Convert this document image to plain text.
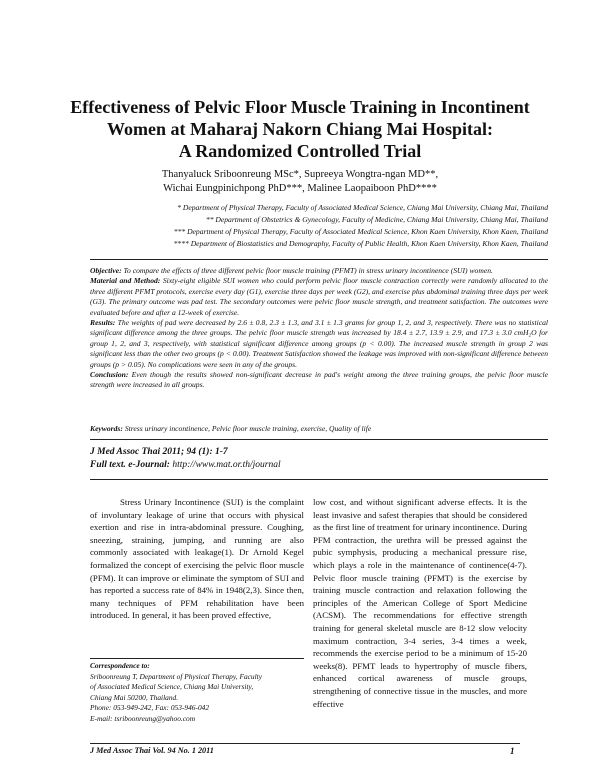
Effectiveness of Pelvic Floor Muscle Training in Incontinent
Women at Maharaj Nakorn Chiang Mai Hospital:
A Randomized Controlled Trial
Thanyaluck Sriboonreung MSc*, Supreeya Wongtra-ngan MD**,
Wichai Eungpinichpong PhD***, Malinee Laopaiboon PhD****
* Department of Physical Therapy, Faculty of Associated Medical Science, Chiang Mai University, Chiang Mai, Thailand
** Department of Obstetrics & Gynecology, Faculty of Medicine, Chiang Mai University, Chiang Mai, Thailand
*** Department of Physical Therapy, Faculty of Associated Medical Science, Khon Kaen University, Khon Kaen, Thailand
**** Department of Biostatistics and Demography, Faculty of Public Health, Khon Kaen University, Khon Kaen, Thailand

Objective: To compare the effects of three different pelvic floor muscle training (PFMT) in stress urinary incontinence (SUI) women.

Material and Method: Sixty-eight eligible SUI women who could perform pelvic floor muscle contraction correctly were randomly allocated to the three different PFMT protocols, exercise every day (G1), exercise three days per week (G2), and exercise plus abdominal training three days per week (G3). The primary outcome was pad test. The secondary outcomes were pelvic floor muscle strength, and treatment satisfaction. The outcomes were evaluated before and after a 12-week of exercise.

Results: The weights of pad were decreased by 2.6 ± 0.8, 2.3 ± 1.3, and 3.1 ± 1.3 grams for group 1, 2, and 3, respectively. There was no statistical significant difference among the three groups. The pelvic floor muscle strength was increased by 18.4 ± 2.7, 13.9 ± 2.9, and 17.3 ± 3.0 cmH₂O for group 1, 2, and 3, respectively, with statistical significant difference among groups (p < 0.00). The increased muscle strength in group 2 was significant less than the other two groups (p < 0.00). Treatment Satisfaction showed the leakage was improved with non-significant difference between groups (p > 0.05). No complications were seen in any of the groups.

Conclusion: Even though the results showed non-significant decrease in pad's weight among the three training groups, the pelvic floor muscle strength were increased in all groups.

Keywords: Stress urinary incontinence, Pelvic floor muscle training, exercise, Quality of life
J Med Assoc Thai 2011; 94 (1): 1-7
Full text. e-Journal: http://www.mat.or.th/journal

Stress Urinary Incontinence (SUI) is the complaint of involuntary leakage of urine that occurs with physical exertion and rise in intra-abdominal pressure. Coughing, sneezing, straining, jumping, and running are also commonly associated with leakage(1). Dr Arnold Kegel formalized the concept of exercising the pelvic floor muscle (PFM). It can improve or eliminate the symptom of SUI and has reported a success rate of 84% in 1948(2,3). Since then, many techniques of PFM rehabilitation have been introduced. In general, it has been proved effective,

low cost, and without significant adverse effects. It is the least invasive and safest therapies that should be considered as the first line of treatment for urinary incontinence. During PFM contraction, the urethra will be pressed against the pubic symphysis, producing a mechanical pressure rise, which plays a role in the maintenance of continence(4-7). Pelvic floor muscle training (PFMT) is the exercise by training muscle contraction and relaxation following the principles of the American College of Sport Medicine (ACSM). The recommendations for effective strength training for general skeletal muscle are 8-12 slow velocity maximum contraction, 3-4 series, 3-4 times a week, recommends the exercise period to be a minimum of 15-20 weeks(8). PFMT leads to hypertrophy of muscle fibers, enhanced cortical awareness of muscle groups, strengthening of connective tissue in the muscles, and more effective

Correspondence to:
Sriboonreung T, Department of Physical Therapy, Faculty
of Associated Medical Science, Chiang Mai University,
Chiang Mai 50200, Thailand.
Phone: 053-949-242, Fax: 053-946-042
E-mail: tsriboonreung@yahoo.com
J Med Assoc Thai Vol. 94 No. 1 2011	1
